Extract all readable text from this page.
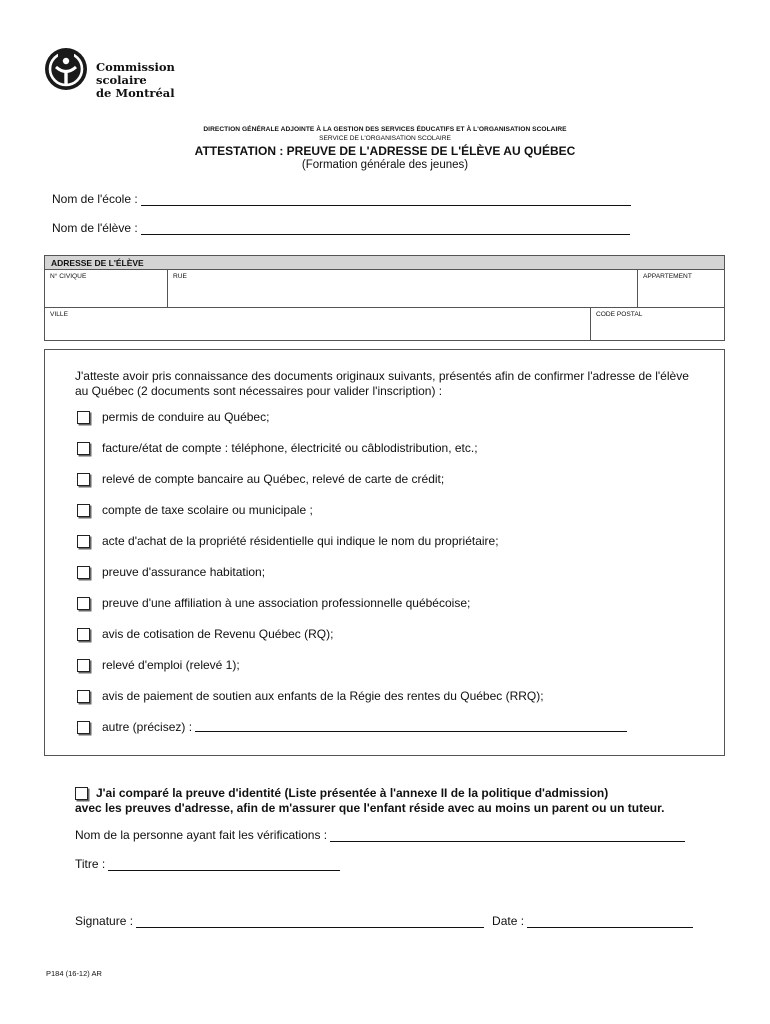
Commission
scolaire
de Montréal
DIRECTION GÉNÉRALE ADJOINTE À LA GESTION DES SERVICES ÉDUCATIFS ET À L'ORGANISATION SCOLAIRE
SERVICE DE L'ORGANISATION SCOLAIRE
ATTESTATION : PREUVE DE L'ADRESSE DE L'ÉLÈVE AU QUÉBEC
(Formation générale des jeunes)
Nom de l'école :
Nom de l'élève :
ADRESSE DE L'ÉLÈVE
N° CIVIQUE	RUE	APPARTEMENT
VILLE	CODE POSTAL
J'atteste avoir pris connaissance des documents originaux suivants, présentés afin de confirmer l'adresse de l'élève au Québec (2 documents sont nécessaires pour valider l'inscription) :
permis de conduire au Québec;
facture/état de compte : téléphone, électricité ou câblodistribution, etc.;
relevé de compte bancaire au Québec, relevé de carte de crédit;
compte de taxe scolaire ou municipale ;
acte d'achat de la propriété résidentielle qui indique le nom du propriétaire;
preuve d'assurance habitation;
preuve d'une affiliation à une association professionnelle québécoise;
avis de cotisation de Revenu Québec (RQ);
relevé d'emploi (relevé 1);
avis de paiement de soutien aux enfants de la Régie des rentes du Québec (RRQ);
autre (précisez) :
J'ai comparé la preuve d'identité (Liste présentée à l'annexe II de la politique d'admission)
avec les preuves d'adresse, afin de m'assurer que l'enfant réside avec au moins un parent ou un tuteur.
Nom de la personne ayant fait les vérifications :
Titre :
Signature :	Date :
P184 (16-12) AR
